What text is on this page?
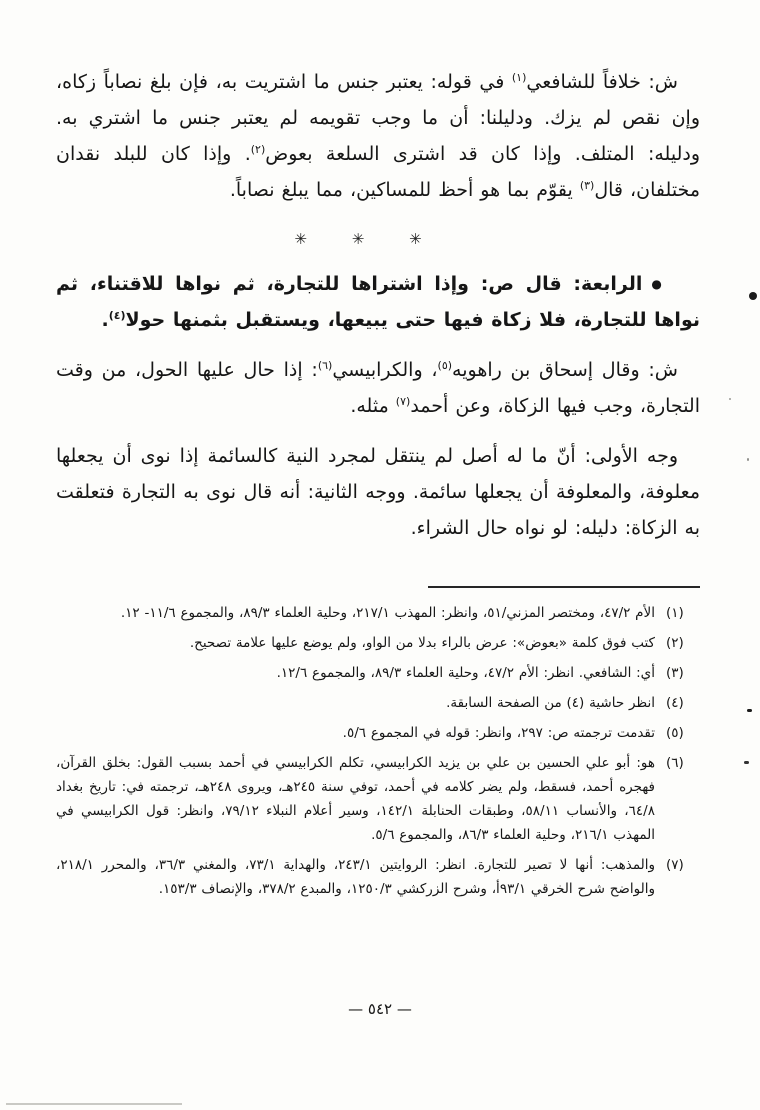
ش: خلافاً للشافعي$^{(١)}$ في قوله: يعتبر جنس ما اشتريت به، فإن بلغ نصاباً زكاه، وإن نقص لم يزك. ودليلنا: أن ما وجب تقويمه لم يعتبر جنس ما اشتري به. ودليله: المتلف. وإذا كان قد اشترى السلعة بعوض$^{(٢)}$. وإذا كان للبلد نقدان مختلفان، قال$^{(٣)}$ يقوّم بما هو أحظ للمساكين، مما يبلغ نصاباً.
✳ ✳ ✳
●الرابعة: قال ص: وإذا اشتراها للتجارة، ثم نواها للاقتناء، ثم نواها للتجارة، فلا زكاة فيها حتى يبيعها، ويستقبل بثمنها حولا$^{(٤)}$.
ش: وقال إسحاق بن راهويه$^{(٥)}$، والكرابيسي$^{(٦)}$: إذا حال عليها الحول، من وقت التجارة، وجب فيها الزكاة، وعن أحمد$^{(٧)}$ مثله.
وجه الأولى: أنّ ما له أصل لم ينتقل لمجرد النية كالسائمة إذا نوى أن يجعلها معلوفة، والمعلوفة أن يجعلها سائمة. ووجه الثانية: أنه قال نوى به التجارة فتعلقت به الزكاة: دليله: لو نواه حال الشراء.
(١)
الأم ٤٧/٢، ومختصر المزني/٥١، وانظر: المهذب ٢١٧/١، وحلية العلماء ٨٩/٣، والمجموع ١١/٦- ١٢.
(٢)
كتب فوق كلمة «بعوض»: عرض بالراء بدلا من الواو، ولم يوضع عليها علامة تصحيح.
(٣)
أي: الشافعي. انظر: الأم ٤٧/٢، وحلية العلماء ٨٩/٣، والمجموع ١٢/٦.
(٤)
انظر حاشية (٤) من الصفحة السابقة.
(٥)
تقدمت ترجمته ص: ٢٩٧، وانظر: قوله في المجموع ٥/٦.
(٦)
هو: أبو علي الحسين بن علي بن يزيد الكرابيسي، تكلم الكرابيسي في أحمد بسبب القول: بخلق القرآن، فهجره أحمد، فسقط، ولم يضر كلامه في أحمد، توفي سنة ٢٤٥هـ، ويروى ٢٤٨هـ، ترجمته في: تاريخ بغداد ٦٤/٨، والأنساب ٥٨/١١، وطبقات الحنابلة ١٤٢/١، وسير أعلام النبلاء ٧٩/١٢، وانظر: قول الكرابيسي في المهذب ٢١٦/١، وحلية العلماء ٨٦/٣، والمجموع ٥/٦.
(٧)
والمذهب: أنها لا تصير للتجارة. انظر: الروايتين ٢٤٣/١، والهداية ٧٣/١، والمغني ٣٦/٣، والمحرر ٢١٨/١، والواضح شرح الخرقي ٩٣/١أ، وشرح الزركشي ١٢٥٠/٣، والمبدع ٣٧٨/٢، والإنصاف ١٥٣/٣.
— ٥٤٢ —
